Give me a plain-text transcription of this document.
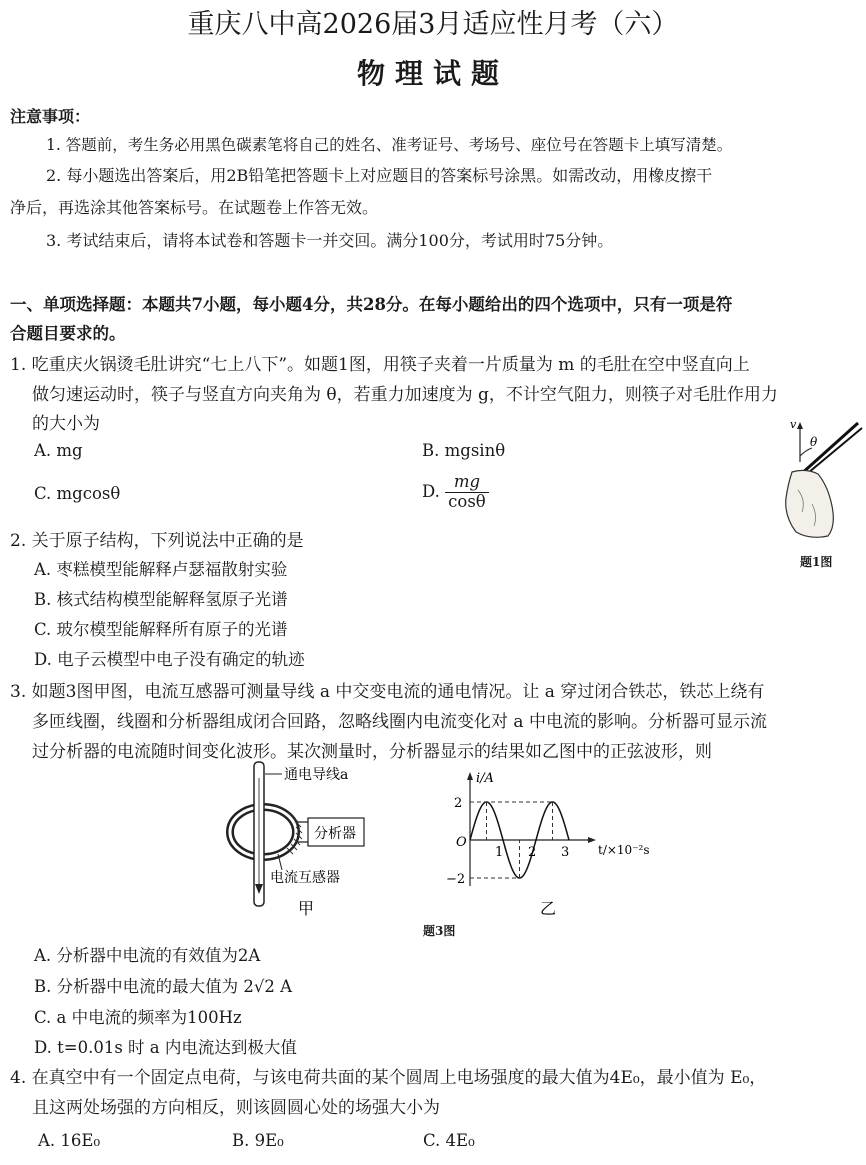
重庆八中高2026届3月适应性月考（六）
物理试题
注意事项：
1. 答题前，考生务必用黑色碳素笔将自己的姓名、准考证号、考场号、座位号在答题卡上填写清楚。
2. 每小题选出答案后，用2B铅笔把答题卡上对应题目的答案标号涂黑。如需改动，用橡皮擦干
净后，再选涂其他答案标号。在试题卷上作答无效。
3. 考试结束后，请将本试卷和答题卡一并交回。满分100分，考试用时75分钟。
一、单项选择题：本题共7小题，每小题4分，共28分。在每小题给出的四个选项中，只有一项是符
合题目要求的。
1. 吃重庆火锅烫毛肚讲究“七上八下”。如题1图，用筷子夹着一片质量为 m 的毛肚在空中竖直向上
做匀速运动时，筷子与竖直方向夹角为 θ，若重力加速度为 g，不计空气阻力，则筷子对毛肚作用力
的大小为
A. mg	B. mgsinθ
C. mgcosθ	D. $\frac{mg}{\cos\theta}$
v
θ
题1图
2. 关于原子结构，下列说法中正确的是
A. 枣糕模型能解释卢瑟福散射实验
B. 核式结构模型能解释氢原子光谱
C. 玻尔模型能解释所有原子的光谱
D. 电子云模型中电子没有确定的轨迹
3. 如题3图甲图，电流互感器可测量导线 a 中交变电流的通电情况。让 a 穿过闭合铁芯，铁芯上绕有
多匝线圈，线圈和分析器组成闭合回路，忽略线圈内电流变化对 a 中电流的影响。分析器可显示流
过分析器的电流随时间变化波形。某次测量时，分析器显示的结果如乙图中的正弦波形，则
通电导线a
分析器
电流互感器
甲
i/A
O	t/×10⁻²s
1 2 3
2
−2
乙
题3图
A. 分析器中电流的有效值为2A
B. 分析器中电流的最大值为 2√2 A
C. a 中电流的频率为100Hz
D. t=0.01s 时 a 内电流达到极大值
4. 在真空中有一个固定点电荷，与该电荷共面的某个圆周上电场强度的最大值为4E₀，最小值为 E₀，
且这两处场强的方向相反，则该圆圆心处的场强大小为
A. 16E₀	B. 9E₀	C. 4E₀
